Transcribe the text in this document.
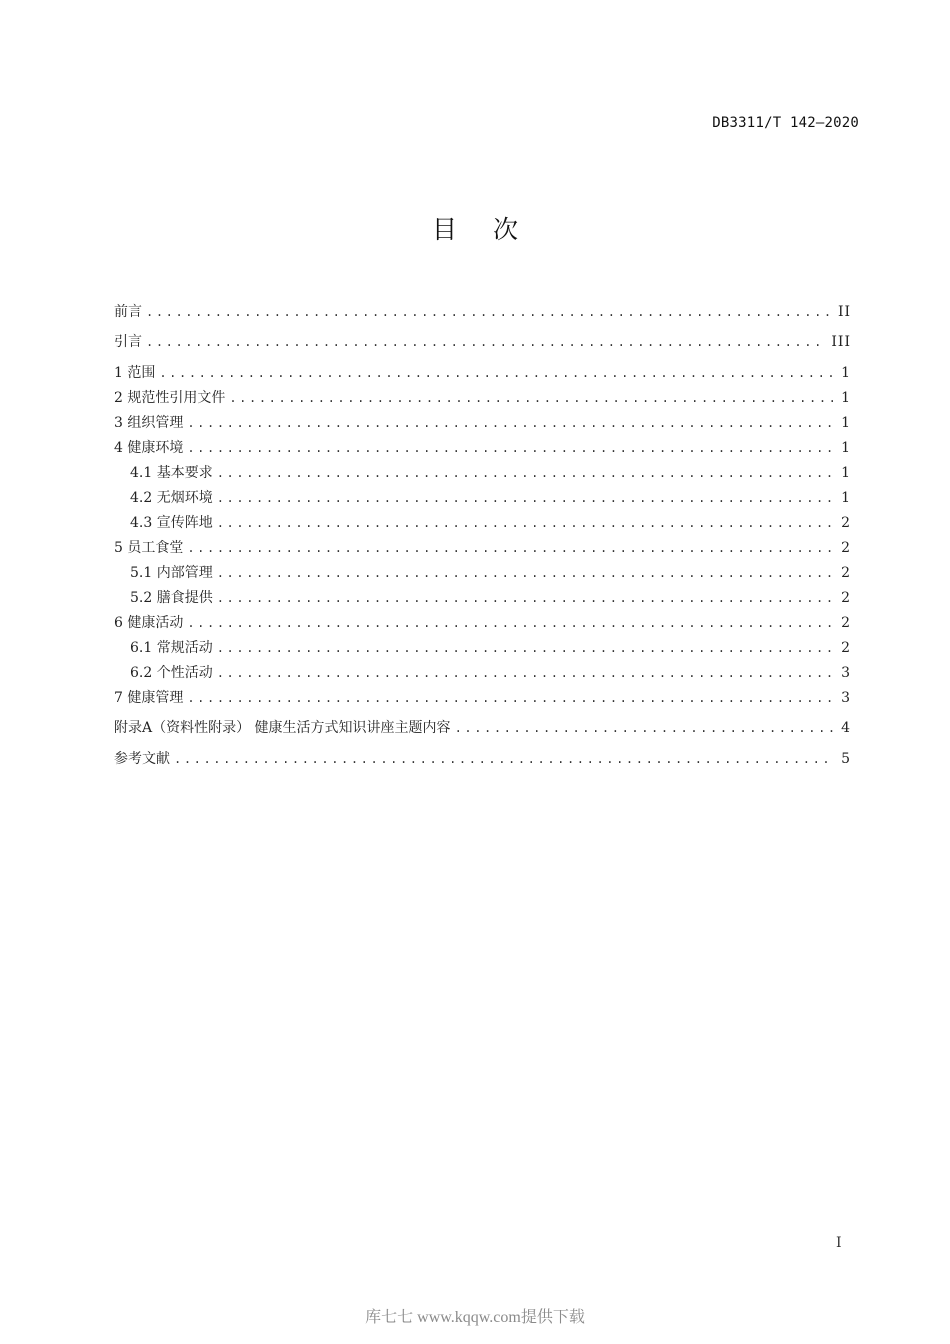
DB3311/T 142—2020
目次
前言 .....	II
引言 .....	III
1 范围 .....	1
2 规范性引用文件 .....	1
3 组织管理 .....	1
4 健康环境 .....	1
4.1 基本要求 .....	1
4.2 无烟环境 .....	1
4.3 宣传阵地 .....	2
5 员工食堂 .....	2
5.1 内部管理 .....	2
5.2 膳食提供 .....	2
6 健康活动 .....	2
6.1 常规活动 .....	2
6.2 个性活动 .....	3
7 健康管理 .....	3
附录A（资料性附录） 健康生活方式知识讲座主题内容 .....	4
参考文献 .....	5
I
库七七 www.kqqw.com提供下载
